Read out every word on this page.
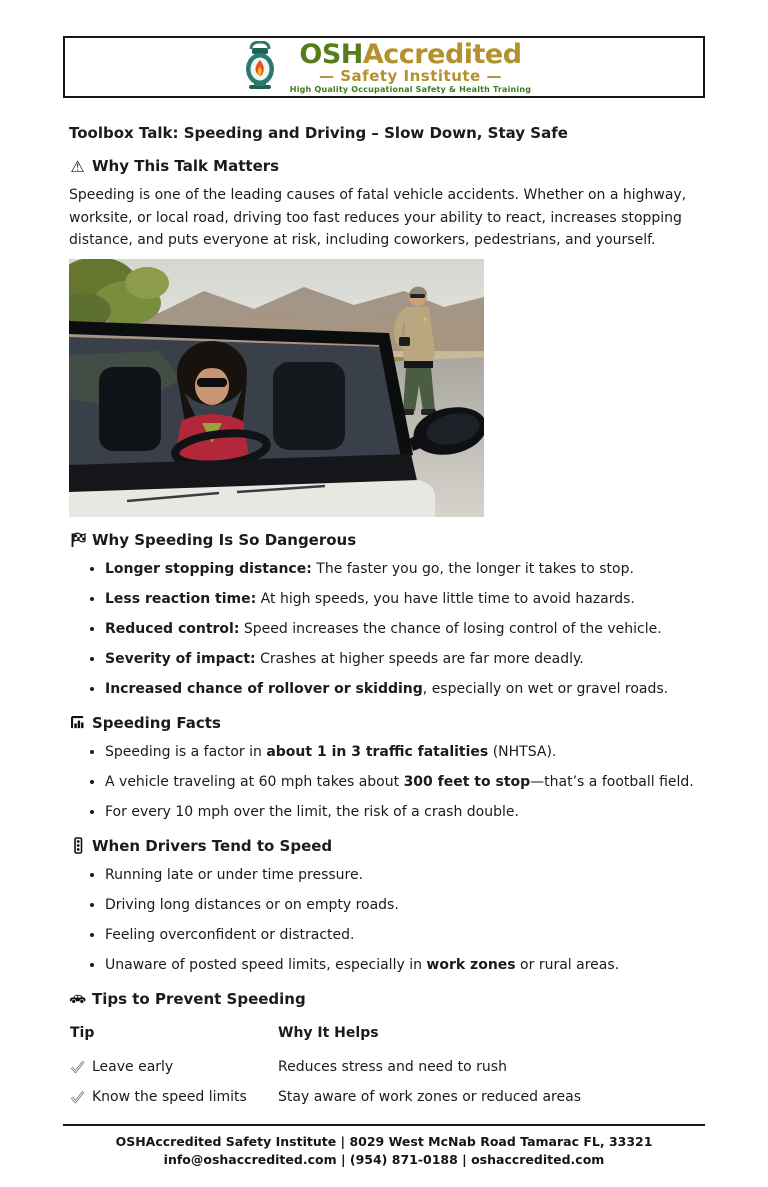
OSHAccredited
— Safety Institute —
High Quality Occupational Safety & Health Training
Toolbox Talk: Speeding and Driving – Slow Down, Stay Safe
⚠ Why This Talk Matters

Speeding is one of the leading causes of fatal vehicle accidents. Whether on a highway, worksite, or local road, driving too fast reduces your ability to react, increases stopping distance, and puts everyone at risk, including coworkers, pedestrians, and yourself.

Why Speeding Is So Dangerous
Longer stopping distance: The faster you go, the longer it takes to stop.
Less reaction time: At high speeds, you have little time to avoid hazards.
Reduced control: Speed increases the chance of losing control of the vehicle.
Severity of impact: Crashes at higher speeds are far more deadly.
Increased chance of rollover or skidding, especially on wet or gravel roads.
Speeding Facts
Speeding is a factor in about 1 in 3 traffic fatalities (NHTSA).
A vehicle traveling at 60 mph takes about 300 feet to stop—that’s a football field.
For every 10 mph over the limit, the risk of a crash double.
When Drivers Tend to Speed
Running late or under time pressure.
Driving long distances or on empty roads.
Feeling overconfident or distracted.
Unaware of posted speed limits, especially in work zones or rural areas.
Tips to Prevent Speeding
Tip	Why It Helps

Leave early	Reduces stress and need to rush

Know the speed limits	Stay aware of work zones or reduced areas
OSHAccredited Safety Institute | 8029 West McNab Road Tamarac FL, 33321
info@oshaccredited.com | (954) 871-0188 | oshaccredited.com
